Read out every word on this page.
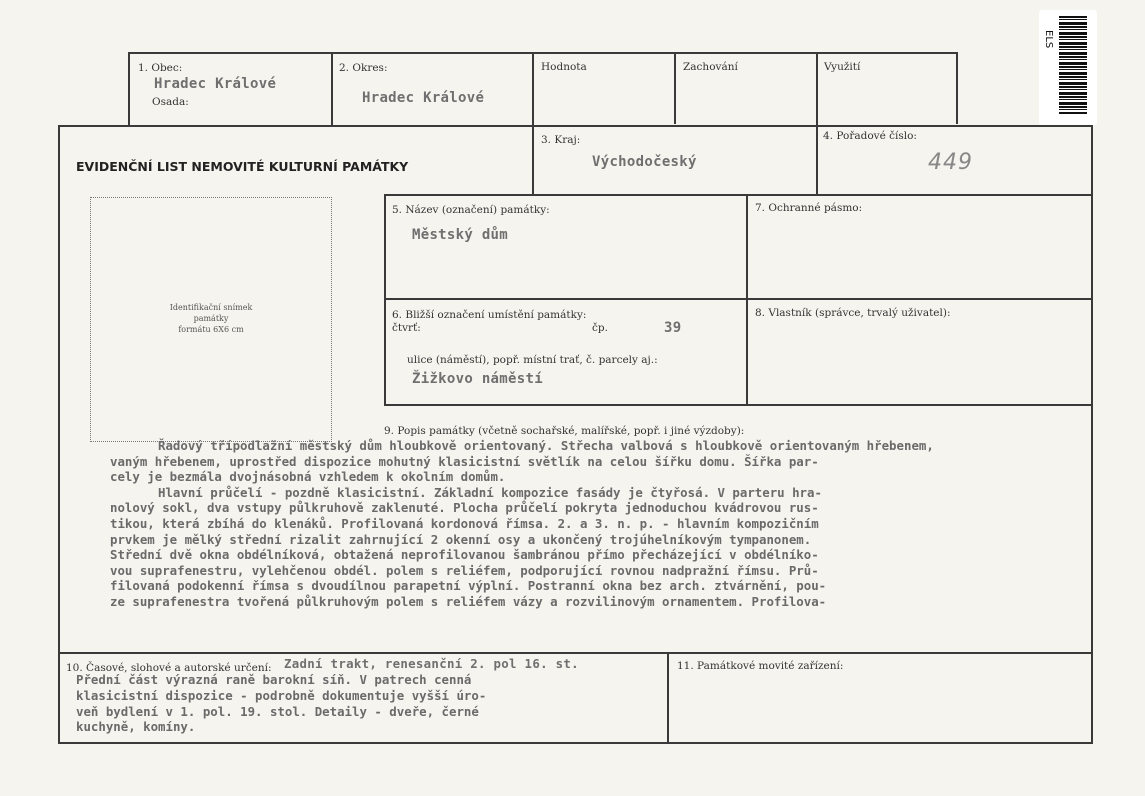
ELS
1. Obec:
Hradec Králové
Osada:
2. Okres:
Hradec Králové
Hodnota	Zachování	Využití
EVIDENČNÍ LIST NEMOVITÉ KULTURNÍ PAMÁTKY
3. Kraj:
Východočeský
4. Pořadové číslo:
449
Identifikační snímek
památky
formátu 6X6 cm
5. Název (označení) památky:
Městský dům
7. Ochranné pásmo:
6. Bližší označení umístění památky:
čtvrť:	čp.	39
ulice (náměstí), popř. místní trať, č. parcely aj.:
Žižkovo náměstí
8. Vlastník (správce, trvalý uživatel):
9. Popis památky (včetně sochařské, malířské, popř. i jiné výzdoby):
Řadový třípodlažní městský dům hloubkově orientovaný. Střecha valbová s hloubkově orientovaným hřebenem,
vaným hřebenem, uprostřed dispozice mohutný klasicistní světlík na celou šířku domu. Šířka par-
cely je bezmála dvojnásobná vzhledem k okolním domům.
Hlavní průčelí - pozdně klasicistní. Základní kompozice fasády je čtyřosá. V parteru hra-
nolový sokl, dva vstupy půlkruhově zaklenuté. Plocha průčelí pokryta jednoduchou kvádrovou rus-
tikou, která zbíhá do klenáků. Profilovaná kordonová římsa. 2. a 3. n. p. - hlavním kompozičním
prvkem je mělký střední rizalit zahrnující 2 okenní osy a ukončený trojúhelníkovým tympanonem.
Střední dvě okna obdélníková, obtažená neprofilovanou šambránou přímo přecházející v obdélníko-
vou suprafenestru, vylehčenou obdél. polem s reliéfem, podporující rovnou nadpražní římsu. Prů-
filovaná podokenní římsa s dvoudílnou parapetní výplní. Postranní okna bez arch. ztvárnění, pou-
ze suprafenestra tvořená půlkruhovým polem s reliéfem vázy a rozvilinovým ornamentem. Profilova-
10. Časové, slohové a autorské určení: Zadní trakt, renesanční 2. pol 16. st.
Přední část výrazná raně barokní síň. V patrech cenná
klasicistní dispozice - podrobně dokumentuje vyšší úro-
veň bydlení v 1. pol. 19. stol. Detaily - dveře, černé
kuchyně, komíny.
11. Památkové movité zařízení:
